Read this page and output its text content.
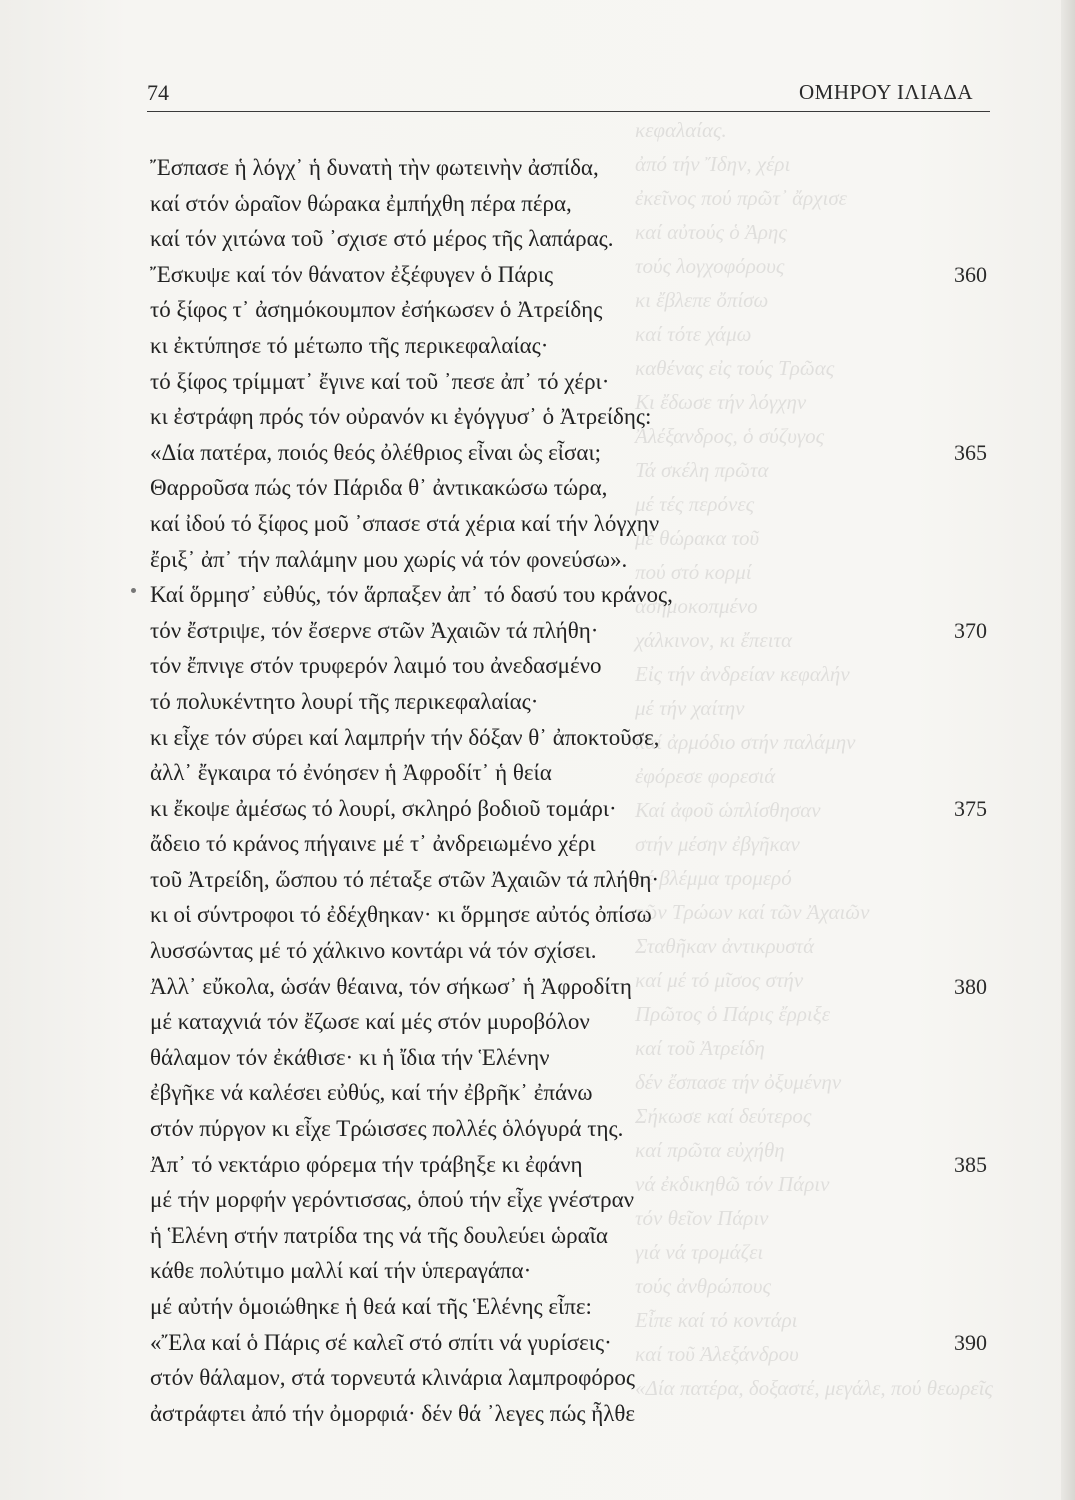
κεφαλαίας.
ἀπό τήν Ἴδην, χέρι
ἐκεῖνος πού πρῶτ᾽ ἄρχισε
καί αὐτούς ὁ Ἀρης
τούς λογχοφόρους
κι ἔβλεπε ὄπίσω
καί τότε χάμω
καθένας εἰς τούς Τρῶας
Κι ἔδωσε τήν λόγχην
Ἀλέξανδρος, ὁ σύζυγος
Τά σκέλη πρῶτα
μέ τές περόνες
μέ θώρακα τοῦ
πού στό κορμί
ἀσημοκοπμένο
χάλκινον, κι ἔπειτα
Εἰς τήν ἀνδρείαν κεφαλήν
μέ τήν χαίτην
καί ἀρμόδιο στήν παλάμην
ἐφόρεσε φορεσιά
Καί ἀφοῦ ὡπλίσθησαν
στήν μέσην ἐβγῆκαν
μέ βλέμμα τρομερό
τῶν Τρώων καί τῶν Ἀχαιῶν
Σταθῆκαν ἀντικρυστά
καί μέ τό μῖσος στήν
Πρῶτος ὁ Πάρις ἔρριξε
καί τοῦ Ἀτρείδη
δέν ἔσπασε τήν ὀξυμένην
Σήκωσε καί δεύτερος
καί πρῶτα εὐχήθη
νά ἐκδικηθῶ τόν Πάριν
τόν θεῖον Πάριν
γιά νά τρομάζει
τούς ἀνθρώπους
Εἶπε καί τό κοντάρι
καί τοῦ Ἀλεξάνδρου
«Δία πατέρα, δοξαστέ, μεγάλε, πού θεωρεῖς
74	ΟΜΗΡΟΥ ΙΛΙΑΔΑ
Ἔσπασε ἡ λόγχ᾽ ἡ δυνατὴ τὴν φωτεινὴν ἀσπίδα,
καί στόν ὡραῖον θώρακα ἐμπήχθη πέρα πέρα,
καί τόν χιτώνα τοῦ ᾽σχισε στό μέρος τῆς λαπάρας.
Ἔσκυψε καί τόν θάνατον ἐξέφυγεν ὁ Πάρις	360
τό ξίφος τ᾽ ἀσημόκουμπον ἐσήκωσεν ὁ Ἀτρείδης
κι ἐκτύπησε τό μέτωπο τῆς περικεφαλαίας·
τό ξίφος τρίμματ᾽ ἔγινε καί τοῦ ᾽πεσε ἀπ᾽ τό χέρι·
κι ἐστράφη πρός τόν οὐρανόν κι ἐγόγγυσ᾽ ὁ Ἀτρείδης:
«Δία πατέρα, ποιός θεός ὀλέθριος εἶναι ὡς εἶσαι;	365
Θαρροῦσα πώς τόν Πάριδα θ᾽ ἀντικακώσω τώρα,
καί ἰδού τό ξίφος μοῦ ᾽σπασε στά χέρια καί τήν λόγχην
ἔριξ᾽ ἀπ᾽ τήν παλάμην μου χωρίς νά τόν φονεύσω».
Καί ὅρμησ᾽ εὐθύς, τόν ἅρπαξεν ἀπ᾽ τό δασύ του κράνος,
τόν ἔστριψε, τόν ἔσερνε στῶν Ἀχαιῶν τά πλήθη·	370
τόν ἔπνιγε στόν τρυφερόν λαιμό του ἀνεδασμένο
τό πολυκέντητο λουρί τῆς περικεφαλαίας·
κι εἶχε τόν σύρει καί λαμπρήν τήν δόξαν θ᾽ ἀποκτοῦσε,
ἀλλ᾽ ἔγκαιρα τό ἐνόησεν ἡ Ἀφροδίτ᾽ ἡ θεία
κι ἔκοψε ἀμέσως τό λουρί, σκληρό βοδιοῦ τομάρι·	375
ἄδειο τό κράνος πήγαινε μέ τ᾽ ἀνδρειωμένο χέρι
τοῦ Ἀτρείδη, ὥσπου τό πέταξε στῶν Ἀχαιῶν τά πλήθη·
κι οἱ σύντροφοι τό ἐδέχθηκαν· κι ὅρμησε αὐτός ὀπίσω
λυσσώντας μέ τό χάλκινο κοντάρι νά τόν σχίσει.
Ἀλλ᾽ εὔκολα, ὡσάν θέαινα, τόν σήκωσ᾽ ἡ Ἀφροδίτη	380
μέ καταχνιά τόν ἔζωσε καί μές στόν μυροβόλον
θάλαμον τόν ἐκάθισε· κι ἡ ἴδια τήν Ἑλένην
ἐβγῆκε νά καλέσει εὐθύς, καί τήν ἐβρῆκ᾽ ἐπάνω
στόν πύργον κι εἶχε Τρώισσες πολλές ὁλόγυρά της.
Ἀπ᾽ τό νεκτάριο φόρεμα τήν τράβηξε κι ἐφάνη	385
μέ τήν μορφήν γερόντισσας, ὁπού τήν εἶχε γνέστραν
ἡ Ἑλένη στήν πατρίδα της νά τῆς δουλεύει ὡραῖα
κάθε πολύτιμο μαλλί καί τήν ὑπεραγάπα·
μέ αὐτήν ὁμοιώθηκε ἡ θεά καί τῆς Ἑλένης εἶπε:
«Ἔλα καί ὁ Πάρις σέ καλεῖ στό σπίτι νά γυρίσεις·	390
στόν θάλαμον, στά τορνευτά κλινάρια λαμπροφόρος
ἀστράφτει ἀπό τήν ὀμορφιά· δέν θά ᾽λεγες πώς ἦλθε
